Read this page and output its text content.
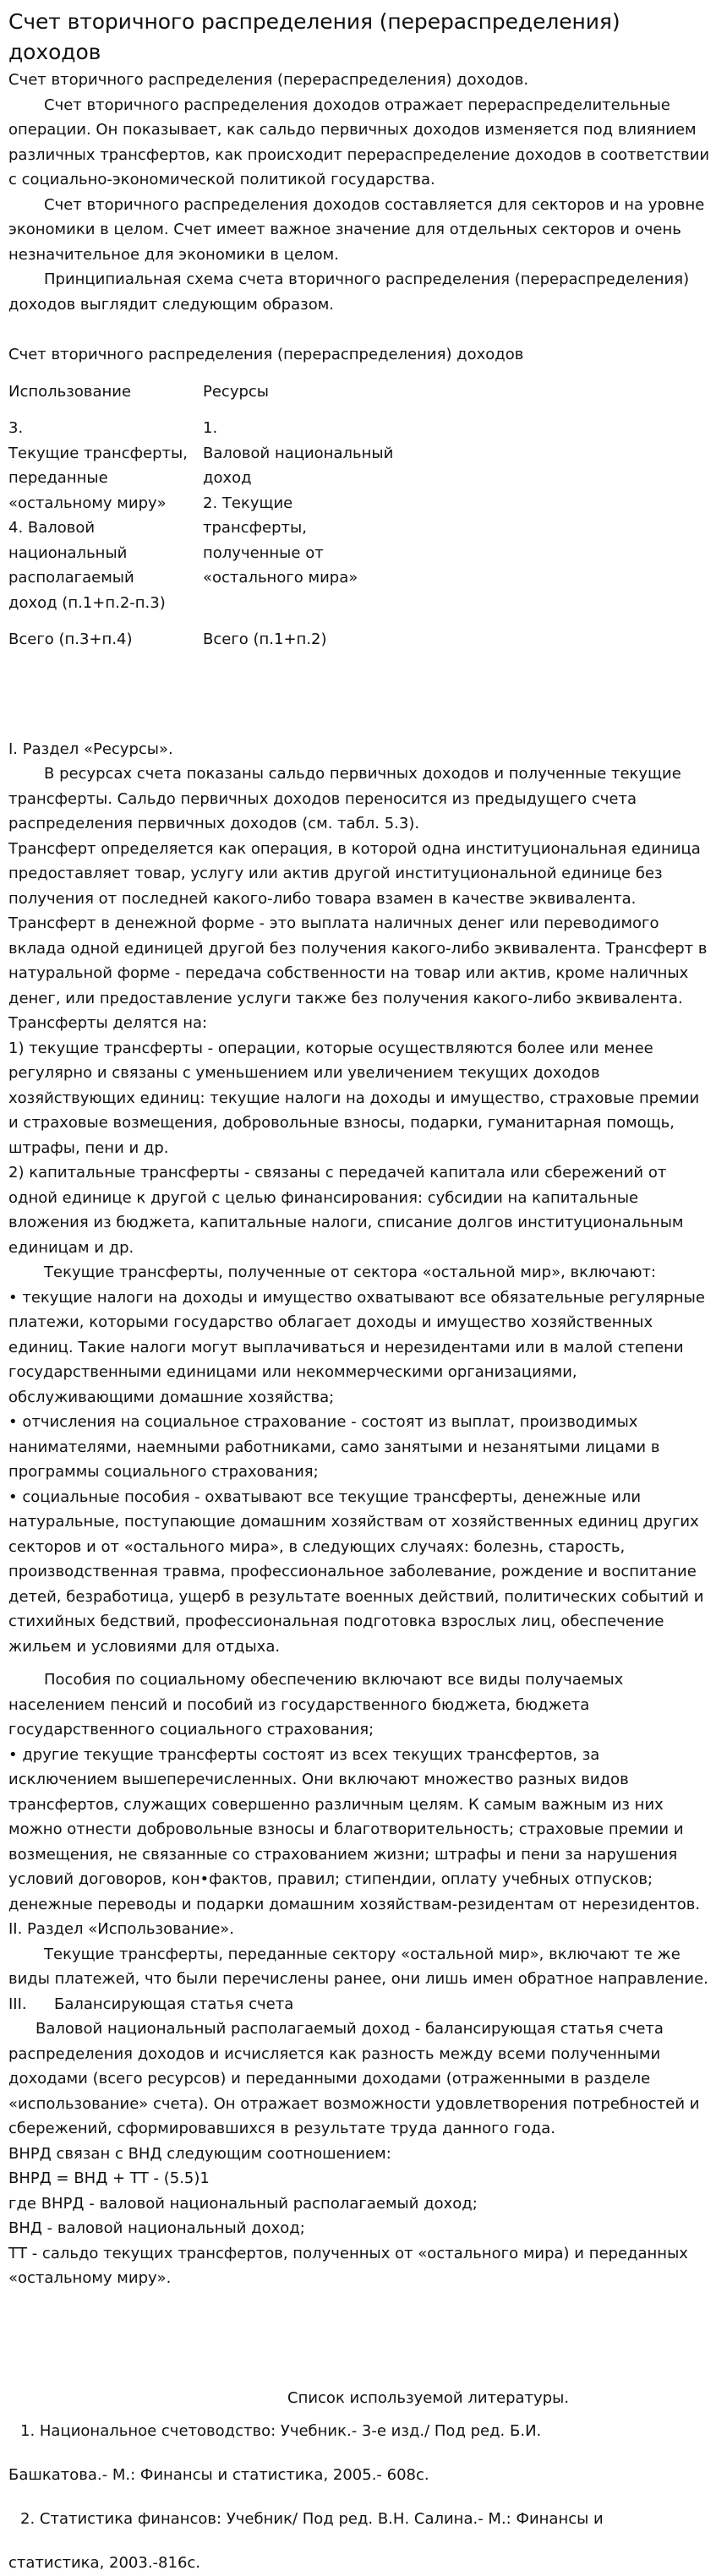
Счет вторичного распределения (перераспределения) доходов

Счет вторичного распределения (перераспределения) доходов.

Счет вторичного распределения доходов отражает перераспределительные операции. Он показывает, как сальдо первичных доходов изменяется под влиянием различных трансфертов, как происходит перераспределение доходов в соответствии с социально-экономической политикой государства.

Счет вторичного распределения доходов составляется для секторов и на уровне экономики в целом. Счет имеет важное значение для отдельных секторов и очень незначительное для экономики в целом.

Принципиальная схема счета вторичного распределения (перераспределения) доходов выглядит следующим образом.

Счет вторичного распределения (перераспределения) доходов

Использование

3.

Текущие трансферты,

переданные

«остальному миру»

4. Валовой

национальный

располагаемый

доход (п.1+п.2-п.3)

Всего (п.3+п.4)

Ресурсы

1.

Валовой национальный

доход

2. Текущие

трансферты,

полученные от

«остального мира»

Всего (п.1+п.2)

I. Раздел «Ресурсы».

В ресурсах счета показаны сальдо первичных доходов и полученные текущие трансферты. Сальдо первичных доходов переносится из предыдущего счета распределения первичных доходов (см. табл. 5.3).

Трансферт определяется как операция, в которой одна институциональная единица предоставляет товар, услугу или актив другой институциональной единице без получения от последней какого-либо товара взамен в качестве эквивалента. Трансферт в денежной форме - это выплата наличных денег или переводимого вклада одной единицей другой без получения какого-либо эквивалента. Трансферт в натуральной форме - передача собственности на товар или актив, кроме наличных денег, или предоставление услуги также без получения какого-либо эквивалента. Трансферты делятся на:

1) текущие трансферты - операции, которые осуществляются более или менее регулярно и связаны с уменьшением или увеличением текущих доходов хозяйствующих единиц: текущие налоги на доходы и имущество, страховые премии и страховые возмещения, добровольные взносы, подарки, гуманитарная помощь, штрафы, пени и др.

2) капитальные трансферты - связаны с передачей капитала или сбережений от одной единице к другой с целью финансирования: субсидии на капитальные вложения из бюджета, капитальные налоги, списание долгов институциональным единицам и др.

Текущие трансферты, полученные от сектора «остальной мир», включают:

• текущие налоги на доходы и имущество охватывают все обязательные регулярные платежи, которыми государство облагает доходы и имущество хозяйственных единиц. Такие налоги могут выплачиваться и нерезидентами или в малой степени государственными единицами или некоммерческими организациями, обслуживающими домашние хозяйства;

• отчисления на социальное страхование - состоят из выплат, производимых нанимателями, наемными работниками, само занятыми и незанятыми лицами в программы социального страхования;

• социальные пособия - охватывают все текущие трансферты, денежные или натуральные, поступающие домашним хозяйствам от хозяйственных единиц других секторов и от «остального мира», в следующих случаях: болезнь, старость, производственная травма, профессиональное заболевание, рождение и воспитание детей, безработица, ущерб в результате военных действий, политических событий и стихийных бедствий, профессиональная подготовка взрослых лиц, обеспечение жильем и условиями для отдыха.

Пособия по социальному обеспечению включают все виды получаемых населением пенсий и пособий из государственного бюджета, бюджета государственного социального страхования;

• другие текущие трансферты состоят из всех текущих трансфертов, за исключением вышеперечисленных. Они включают множество разных видов трансфертов, служащих совершенно различным целям. К самым важным из них можно отнести добровольные взносы и благотворительность; страховые премии и возмещения, не связанные со страхованием жизни; штрафы и пени за нарушения условий договоров, кон•фактов, правил; стипендии, оплату учебных отпусков; денежные переводы и подарки домашним хозяйствам-резидентам от нерезидентов.

II. Раздел «Использование».

Текущие трансферты, переданные сектору «остальной мир», включают те же виды платежей, что были перечислены ранее, они лишь имен обратное направление.

III.	Балансирующая статья счета

Валовой национальный располагаемый доход - балансирующая статья счета распределения доходов и исчисляется как разность между всеми полученными доходами (всего ресурсов) и переданными доходами (отраженными в разделе «использование» счета). Он отражает возможности удовлетворения потребностей и сбережений, сформировавшихся в результате труда данного года.

ВНРД связан с ВНД следующим соотношением:

ВНРД = ВНД + ТТ - (5.5)1

где ВНРД - валовой национальный располагаемый доход;

ВНД - валовой национальный доход;

ТТ - сальдо текущих трансфертов, полученных от «остального мира) и переданных «остальному миру».

Список используемой литературы.

1. Национальное счетоводство: Учебник.- 3-е изд./ Под ред. Б.И.

Башкатова.- М.: Финансы и статистика, 2005.- 608с.

2. Статистика финансов: Учебник/ Под ред. В.Н. Салина.- М.: Финансы и

статистика, 2003.-816с.
